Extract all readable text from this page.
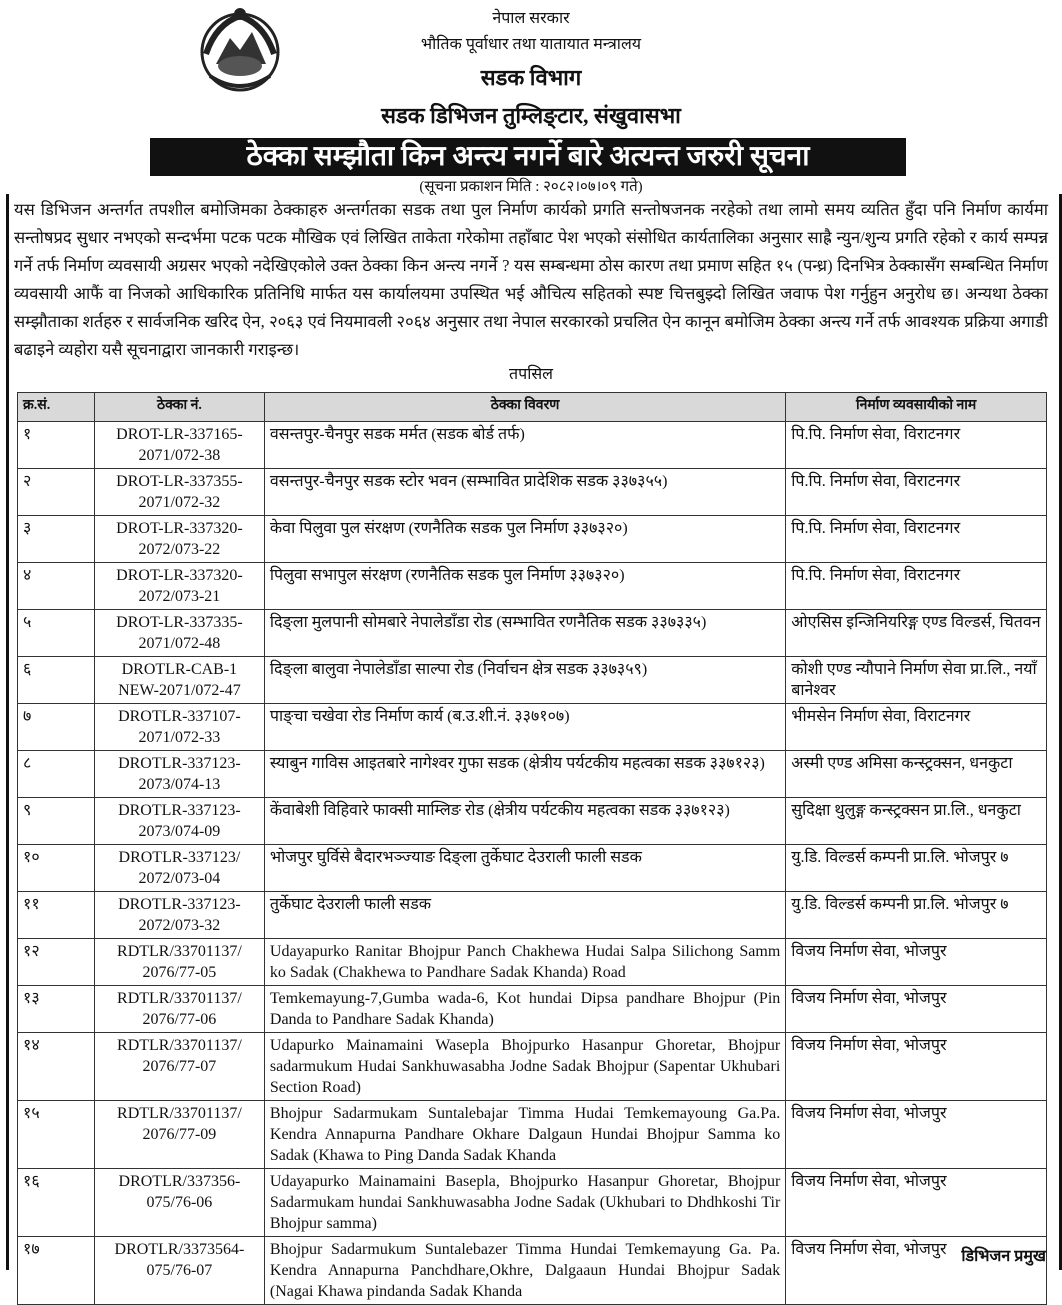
नेपाल सरकार
भौतिक पूर्वाधार तथा यातायात मन्त्रालय
सडक विभाग
सडक डिभिजन तुम्लिङ्टार, संखुवासभा
ठेक्का सम्झौता किन अन्त्य नगर्ने बारे अत्यन्त जरुरी सूचना
(सूचना प्रकाशन मिति : २०८२।०७।०९ गते)
यस डिभिजन अन्तर्गत तपशील बमोजिमका ठेक्काहरु अन्तर्गतका सडक तथा पुल निर्माण कार्यको प्रगति सन्तोषजनक नरहेको तथा लामो समय व्यतित हुँदा पनि निर्माण कार्यमा सन्तोषप्रद सुधार नभएको सन्दर्भमा पटक पटक मौखिक एवं लिखित ताकेता गरेकोमा तहाँबाट पेश भएको संसोधित कार्यतालिका अनुसार साह्रै न्युन/शुन्य प्रगति रहेको र कार्य सम्पन्न गर्ने तर्फ निर्माण व्यवसायी अग्रसर भएको नदेखिएकोले उक्त ठेक्का किन अन्त्य नगर्ने ? यस सम्बन्धमा ठोस कारण तथा प्रमाण सहित १५ (पन्ध्र) दिनभित्र ठेक्कासँग सम्बन्धित निर्माण व्यवसायी आफैं वा निजको आधिकारिक प्रतिनिधि मार्फत यस कार्यालयमा उपस्थित भई औचित्य सहितको स्पष्ट चित्तबुझ्दो लिखित जवाफ पेश गर्नुहुन अनुरोध छ। अन्यथा ठेक्का सम्झौताका शर्तहरु र सार्वजनिक खरिद ऐन, २०६३ एवं नियमावली २०६४ अनुसार तथा नेपाल सरकारको प्रचलित ऐन कानून बमोजिम ठेक्का अन्त्य गर्ने तर्फ आवश्यक प्रक्रिया अगाडी बढाइने व्यहोरा यसै सूचनाद्वारा जानकारी गराइन्छ।
तपसिल
क्र.सं.	ठेक्का नं.	ठेक्का विवरण	निर्माण व्यवसायीको नाम
१	DROT-LR-337165-2071/072-38	वसन्तपुर-चैनपुर सडक मर्मत (सडक बोर्ड तर्फ)	पि.पि. निर्माण सेवा, विराटनगर
२	DROT-LR-337355-2071/072-32	वसन्तपुर-चैनपुर सडक स्टोर भवन (सम्भावित प्रादेशिक सडक ३३७३५५)	पि.पि. निर्माण सेवा, विराटनगर
३	DROT-LR-337320-2072/073-22	केवा पिलुवा पुल संरक्षण (रणनैतिक सडक पुल निर्माण ३३७३२०)	पि.पि. निर्माण सेवा, विराटनगर
४	DROT-LR-337320-2072/073-21	पिलुवा सभापुल संरक्षण (रणनैतिक सडक पुल निर्माण ३३७३२०)	पि.पि. निर्माण सेवा, विराटनगर
५	DROT-LR-337335-2071/072-48	दिङ्ला मुलपानी सोमबारे नेपालेडाँडा रोड (सम्भावित रणनैतिक सडक ३३७३३५)	ओएसिस इन्जिनियरिङ्ग एण्ड विल्डर्स, चितवन
६	DROTLR-CAB-1 NEW-2071/072-47	दिङ्ला बालुवा नेपालेडाँडा साल्पा रोड (निर्वाचन क्षेत्र सडक ३३७३५९)	कोशी एण्ड न्यौपाने निर्माण सेवा प्रा.लि., नयाँ बानेश्वर
७	DROTLR-337107-2071/072-33	पाङ्चा चखेवा रोड निर्माण कार्य (ब.उ.शी.नं. ३३७१०७)	भीमसेन निर्माण सेवा, विराटनगर
८	DROTLR-337123-2073/074-13	स्याबुन गाविस आइतबारे नागेश्वर गुफा सडक (क्षेत्रीय पर्यटकीय महत्वका सडक ३३७१२३)	अस्मी एण्ड अमिसा कन्स्ट्रक्सन, धनकुटा
९	DROTLR-337123-2073/074-09	केंवाबेशी विहिवारे फाक्सी माम्लिङ रोड (क्षेत्रीय पर्यटकीय महत्वका सडक ३३७१२३)	सुदिक्षा थुलुङ्ग कन्स्ट्रक्सन प्रा.लि., धनकुटा
१०	DROTLR-337123/ 2072/073-04	भोजपुर घुर्विसे बैदारभञ्ज्याङ दिङ्ला तुर्केघाट देउराली फाली सडक	यु.डि. विल्डर्स कम्पनी प्रा.लि. भोजपुर ७
११	DROTLR-337123-2072/073-32	तुर्केघाट देउराली फाली सडक	यु.डि. विल्डर्स कम्पनी प्रा.लि. भोजपुर ७
१२	RDTLR/33701137/ 2076/77-05	Udayapurko Ranitar Bhojpur Panch Chakhewa Hudai Salpa Silichong Samm ko Sadak (Chakhewa to Pandhare Sadak Khanda) Road	विजय निर्माण सेवा, भोजपुर
१३	RDTLR/33701137/ 2076/77-06	Temkemayung-7,Gumba wada-6, Kot hundai Dipsa pandhare Bhojpur (Pin Danda to Pandhare Sadak Khanda)	विजय निर्माण सेवा, भोजपुर
१४	RDTLR/33701137/ 2076/77-07	Udapurko Mainamaini Wasepla Bhojpurko Hasanpur Ghoretar, Bhojpur sadarmukum Hudai Sankhuwasabha Jodne Sadak Bhojpur (Sapentar Ukhubari Section Road)	विजय निर्माण सेवा, भोजपुर
१५	RDTLR/33701137/ 2076/77-09	Bhojpur Sadarmukam Suntalebajar Timma Hudai Temkemayoung Ga.Pa. Kendra Annapurna Pandhare Okhare Dalgaun Hundai Bhojpur Samma ko Sadak (Khawa to Ping Danda Sadak Khanda	विजय निर्माण सेवा, भोजपुर
१६	DROTLR/337356-075/76-06	Udayapurko Mainamaini Basepla, Bhojpurko Hasanpur Ghoretar, Bhojpur Sadarmukam hundai Sankhuwasabha Jodne Sadak (Ukhubari to Dhdhkoshi Tir Bhojpur samma)	विजय निर्माण सेवा, भोजपुर
१७	DROTLR/3373564-075/76-07	Bhojpur Sadarmukum Suntalebazer Timma Hundai Temkemayung Ga. Pa. Kendra Annapurna Panchdhare,Okhre, Dalgaaun Hundai Bhojpur Sadak (Nagai Khawa pindanda Sadak Khanda	विजय निर्माण सेवा, भोजपुर डिभिजन प्रमुख
